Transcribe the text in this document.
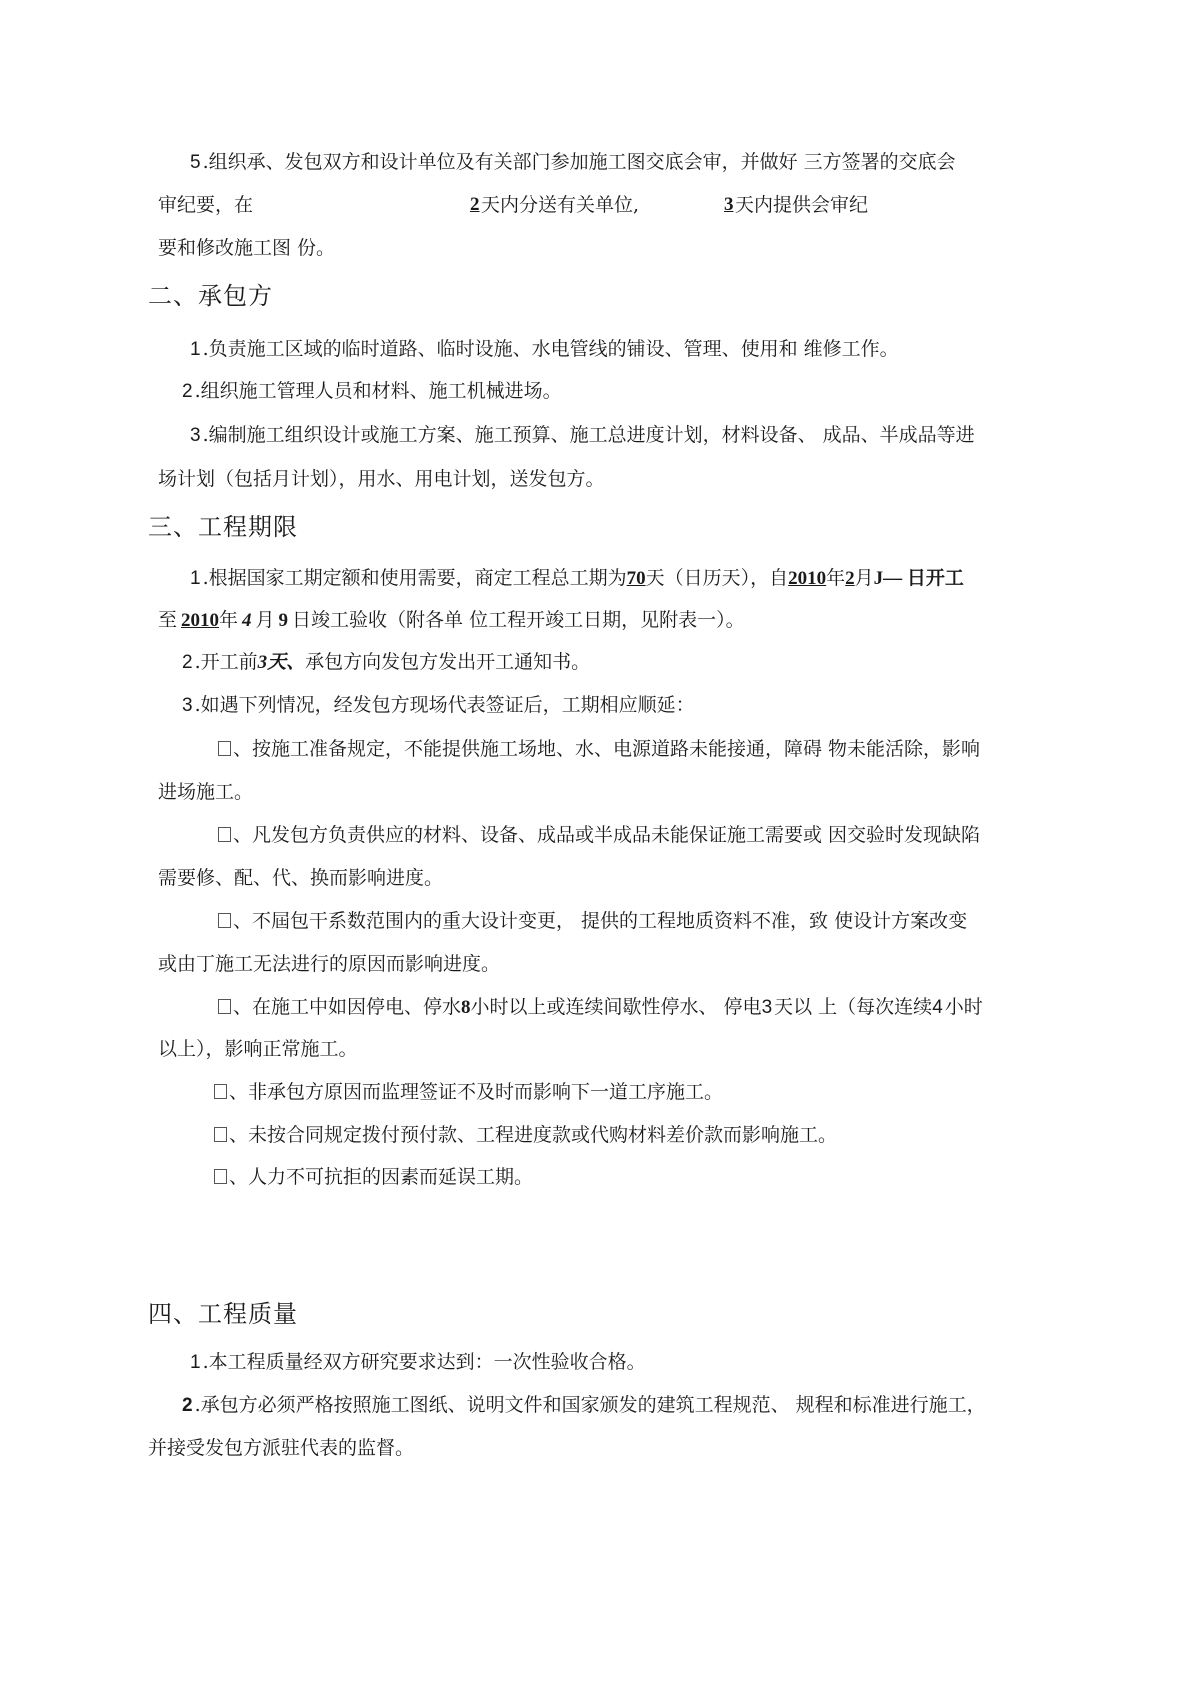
5 .组织承、发包双方和设计单位及有关部门参加施工图交底会审，并做好 三方签署的交底会
审纪要，在	2 天内分送有关单位,	3 天内提供会审纪
要和修改施工图 份。
二、承包方
1 .负责施工区域的临时道路、临时设施、水电管线的铺设、管理、使用和 维修工作。
2 .组织施工管理人员和材料、施工机械进场。
3 .编制施工组织设计或施工方案、施工预算、施工总进度计划，材料设备、 成品、半成品等进
场计划（包括月计划），用水、用电计划，送发包方。
三、工程期限
1 .根据国家工期定额和使用需要，商定工程总工期为70天（日历天），自2010年2月J— 日开工
至 2010年 4 月 9 日竣工验收（附各单 位工程开竣工日期，见附表一）。
2 .开工前3天、承包方向发包方发出开工通知书。
3 .如遇下列情况，经发包方现场代表签证后，工期相应顺延：
、按施工准备规定，不能提供施工场地、水、电源道路未能接通，障碍 物未能活除，影响
进场施工。
、凡发包方负责供应的材料、设备、成品或半成品未能保证施工需要或 因交验时发现缺陷
需要修、配、代、换而影响进度。
、不屆包干系数范围内的重大设计变更， 提供的工程地质资料不准，致 使设计方案改变
或由丁施工无法进行的原因而影响进度。
、在施工中如因停电、停水8小时以上或连续间歇性停水、 停电3 天以 上（每次连续4 小时
以上），影响正常施工。
、非承包方原因而监理签证不及时而影响下一道工序施工。
、未按合同规定拨付预付款、工程进度款或代购材料差价款而影响施工。
、人力不可抗拒的因素而延误工期。
四、工程质量
1 .本工程质量经双方研究要求达到：一次性验收合格。
2 .承包方必须严格按照施工图纸、说明文件和国家颁发的建筑工程规范、 规程和标准进行施工，
并接受发包方派驻代表的监督。
